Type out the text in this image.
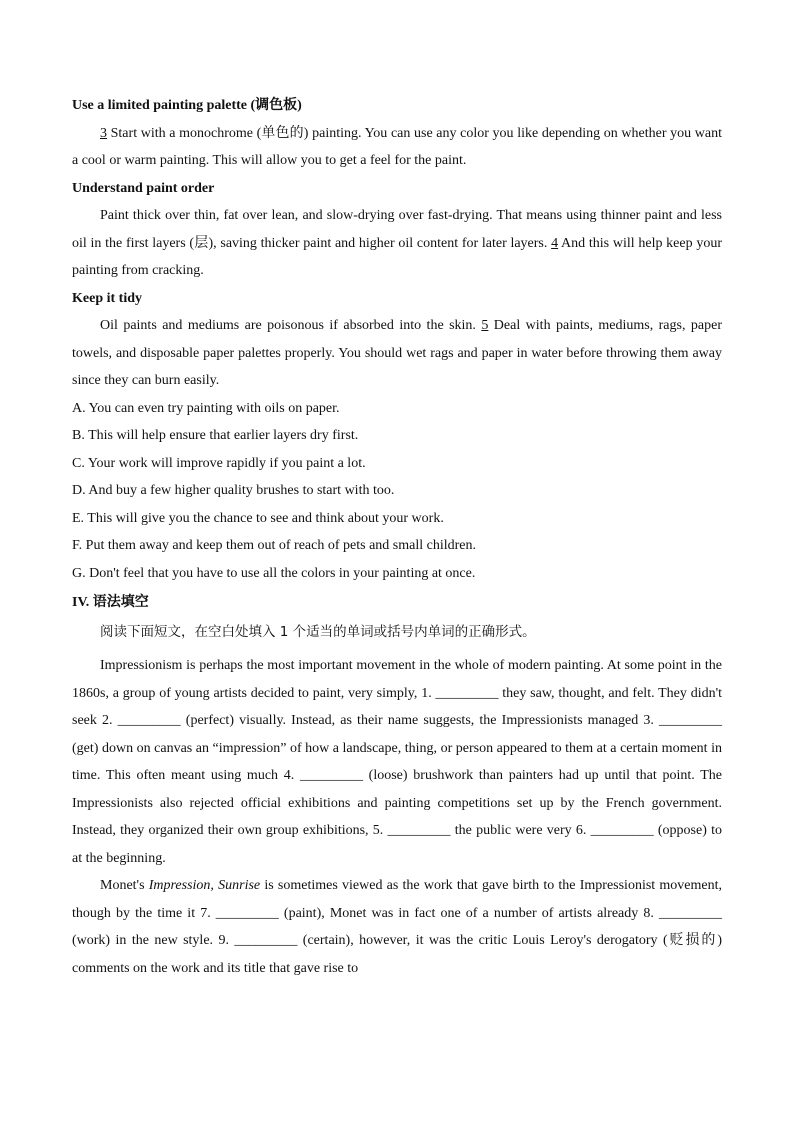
Use a limited painting palette (调色板)

3 Start with a monochrome (单色的) painting. You can use any color you like depending on whether you want a cool or warm painting. This will allow you to get a feel for the paint.

Understand paint order

Paint thick over thin, fat over lean, and slow-drying over fast-drying. That means using thinner paint and less oil in the first layers (层), saving thicker paint and higher oil content for later layers. 4 And this will help keep your painting from cracking.

Keep it tidy

Oil paints and mediums are poisonous if absorbed into the skin. 5 Deal with paints, mediums, rags, paper towels, and disposable paper palettes properly. You should wet rags and paper in water before throwing them away since they can burn easily.

A. You can even try painting with oils on paper.

B. This will help ensure that earlier layers dry first.

C. Your work will improve rapidly if you paint a lot.

D. And buy a few higher quality brushes to start with too.

E. This will give you the chance to see and think about your work.

F. Put them away and keep them out of reach of pets and small children.

G. Don't feel that you have to use all the colors in your painting at once.

IV. 语法填空

阅读下面短文，在空白处填入 1 个适当的单词或括号内单词的正确形式。

Impressionism is perhaps the most important movement in the whole of modern painting. At some point in the 1860s, a group of young artists decided to paint, very simply, 1. _________ they saw, thought, and felt. They didn't seek 2. _________ (perfect) visually. Instead, as their name suggests, the Impressionists managed 3. _________ (get) down on canvas an “impression” of how a landscape, thing, or person appeared to them at a certain moment in time. This often meant using much 4. _________ (loose) brushwork than painters had up until that point. The Impressionists also rejected official exhibitions and painting competitions set up by the French government. Instead, they organized their own group exhibitions, 5. _________ the public were very 6. _________ (oppose) to at the beginning.

Monet's Impression, Sunrise is sometimes viewed as the work that gave birth to the Impressionist movement, though by the time it 7. _________ (paint), Monet was in fact one of a number of artists already 8. _________ (work) in the new style. 9. _________ (certain), however, it was the critic Louis Leroy's derogatory (贬损的) comments on the work and its title that gave rise to
